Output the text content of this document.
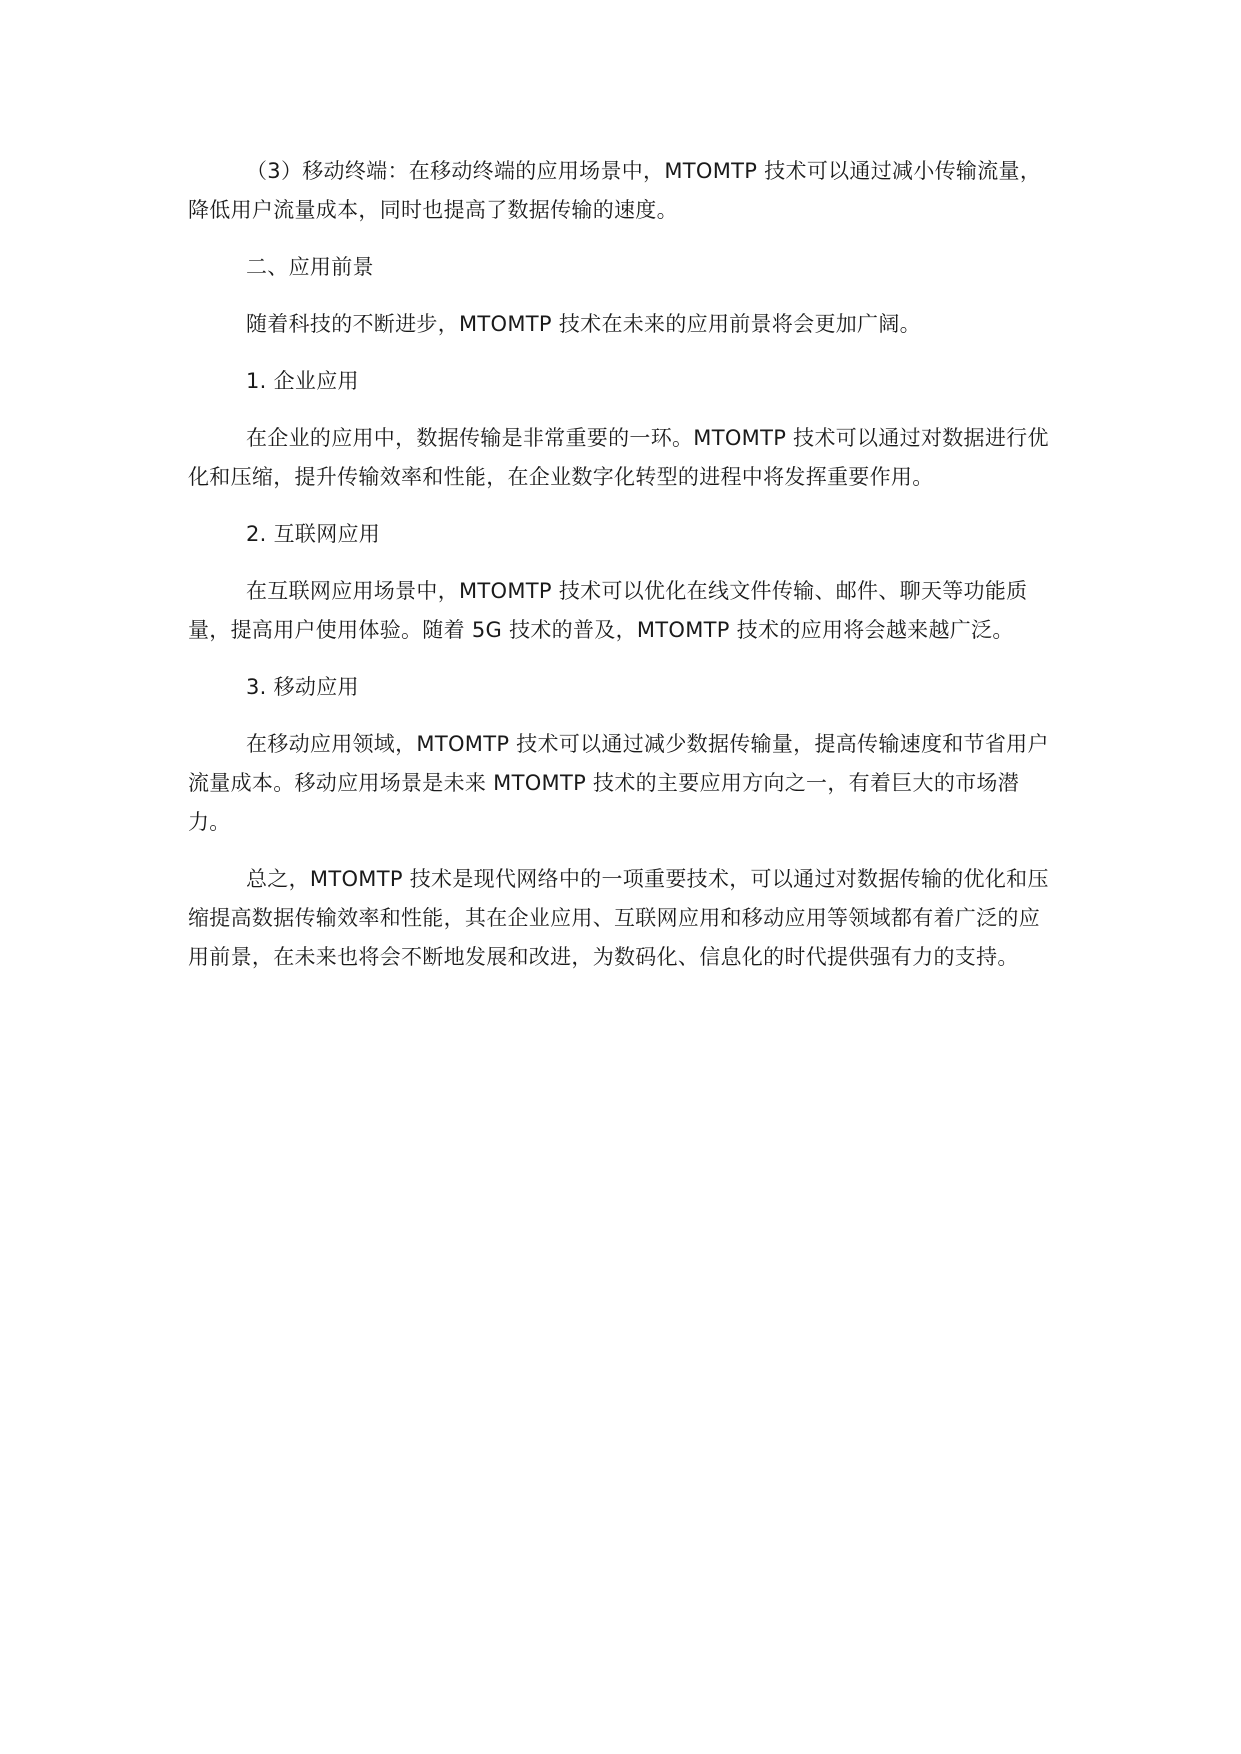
（3）移动终端：在移动终端的应用场景中，MTOMTP 技术可以通过减小传输流量，降低用户流量成本，同时也提高了数据传输的速度。

二、应用前景

随着科技的不断进步，MTOMTP 技术在未来的应用前景将会更加广阔。

1. 企业应用

在企业的应用中，数据传输是非常重要的一环。MTOMTP 技术可以通过对数据进行优化和压缩，提升传输效率和性能，在企业数字化转型的进程中将发挥重要作用。

2. 互联网应用

在互联网应用场景中，MTOMTP 技术可以优化在线文件传输、邮件、聊天等功能质量，提高用户使用体验。随着 5G 技术的普及，MTOMTP 技术的应用将会越来越广泛。

3. 移动应用

在移动应用领域，MTOMTP 技术可以通过减少数据传输量，提高传输速度和节省用户流量成本。移动应用场景是未来 MTOMTP 技术的主要应用方向之一，有着巨大的市场潜力。

总之，MTOMTP 技术是现代网络中的一项重要技术，可以通过对数据传输的优化和压缩提高数据传输效率和性能，其在企业应用、互联网应用和移动应用等领域都有着广泛的应用前景，在未来也将会不断地发展和改进，为数码化、信息化的时代提供强有力的支持。
